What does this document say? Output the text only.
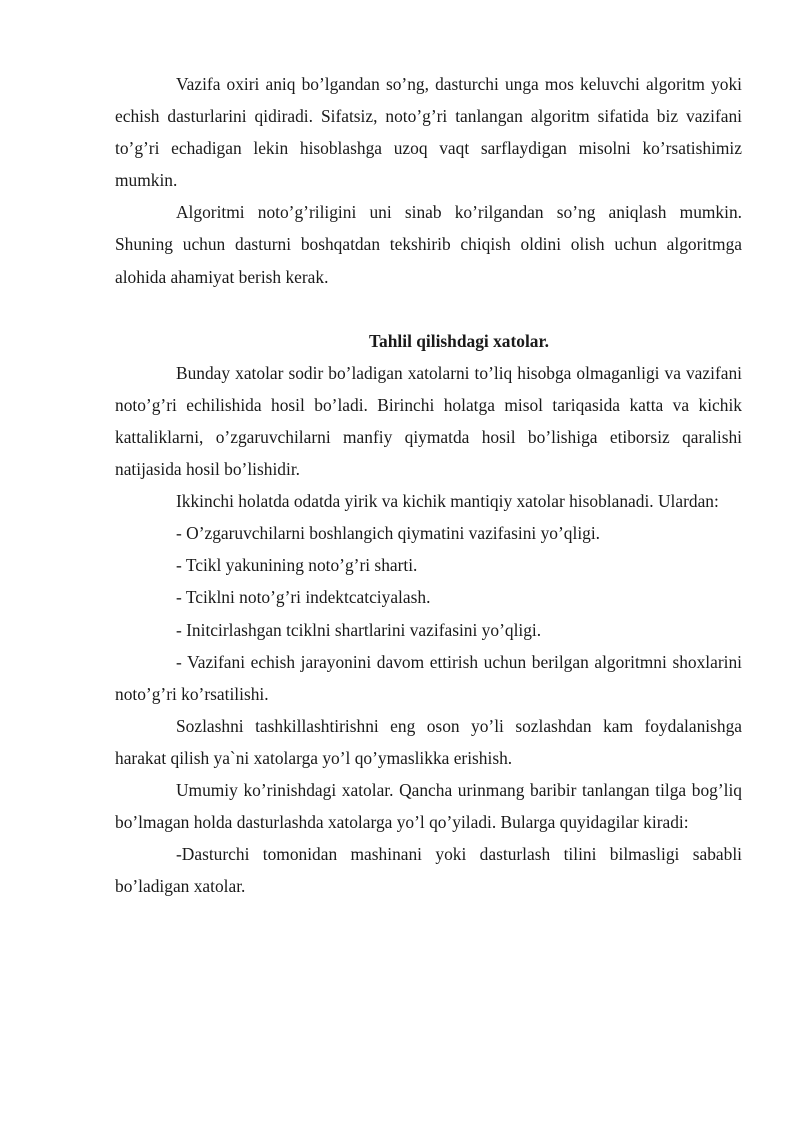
Vazifa oxiri aniq bo’lgandan so’ng, dasturchi unga mos keluvchi algoritm yoki echish dasturlarini qidiradi. Sifatsiz, noto’g’ri tanlangan algoritm sifatida biz vazifani to’g’ri echadigan lekin hisoblashga uzoq vaqt sarflaydigan misolni ko’rsatishimiz mumkin.

Algoritmi noto’g’riligini uni sinab ko’rilgandan so’ng aniqlash mumkin. Shuning uchun dasturni boshqatdan tekshirib chiqish oldini olish uchun algoritmga alohida ahamiyat berish kerak.

Tahlil qilishdagi xatolar.

Bunday xatolar sodir bo’ladigan xatolarni to’liq hisobga olmaganligi va vazifani noto’g’ri echilishida hosil bo’ladi. Birinchi holatga misol tariqasida katta va kichik kattaliklarni, o’zgaruvchilarni manfiy qiymatda hosil bo’lishiga etiborsiz qaralishi natijasida hosil bo’lishidir.

Ikkinchi holatda odatda yirik va kichik mantiqiy xatolar hisoblanadi. Ulardan:

- O’zgaruvchilarni boshlangich qiymatini vazifasini yo’qligi.

- Tcikl yakunining noto’g’ri sharti.

- Tciklni noto’g’ri indektcatciyalash.

- Initcirlashgan tciklni shartlarini vazifasini yo’qligi.

- Vazifani echish jarayonini davom ettirish uchun berilgan algoritmni shoxlarini noto’g’ri ko’rsatilishi.

Sozlashni tashkillashtirishni eng oson yo’li sozlashdan kam foydalanishga harakat qilish ya`ni xatolarga yo’l qo’ymaslikka erishish.

Umumiy ko’rinishdagi xatolar. Qancha urinmang baribir tanlangan tilga bog’liq bo’lmagan holda dasturlashda xatolarga yo’l qo’yiladi. Bularga quyidagilar kiradi:

-Dasturchi tomonidan mashinani yoki dasturlash tilini bilmasligi sababli bo’ladigan xatolar.
